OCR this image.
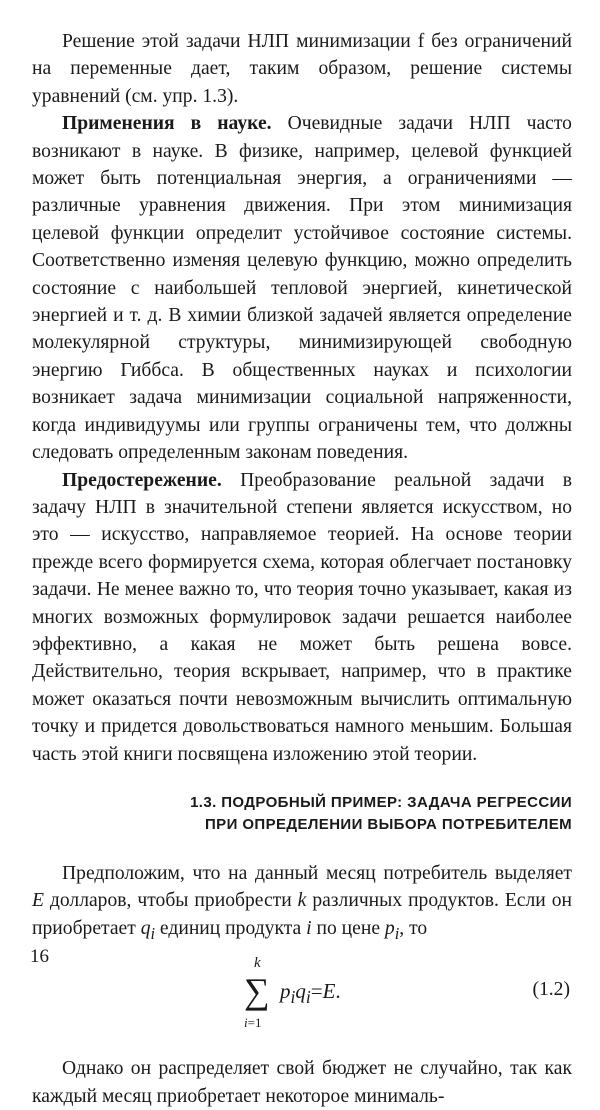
Решение этой задачи НЛП минимизации f без ограничений на переменные дает, таким образом, решение системы уравнений (см. упр. 1.3).

Применения в науке. Очевидные задачи НЛП часто возникают в науке. В физике, например, целевой функцией может быть потенциальная энергия, а ограничениями — различные уравнения движения. При этом минимизация целевой функции определит устойчивое состояние системы. Соответственно изменяя целевую функцию, можно определить состояние с наибольшей тепловой энергией, кинетической энергией и т. д. В химии близкой задачей является определение молекулярной структуры, минимизирующей свободную энергию Гиббса. В общественных науках и психологии возникает задача минимизации социальной напряженности, когда индивидуумы или группы ограничены тем, что должны следовать определенным законам поведения.

Предостережение. Преобразование реальной задачи в задачу НЛП в значительной степени является искусством, но это — искусство, направляемое теорией. На основе теории прежде всего формируется схема, которая облегчает постановку задачи. Не менее важно то, что теория точно указывает, какая из многих возможных формулировок задачи решается наиболее эффективно, а какая не может быть решена вовсе. Действительно, теория вскрывает, например, что в практике может оказаться почти невозможным вычислить оптимальную точку и придется довольствоваться намного меньшим. Большая часть этой книги посвящена изложению этой теории.

1.3. ПОДРОБНЫЙ ПРИМЕР: ЗАДАЧА РЕГРЕССИИ
ПРИ ОПРЕДЕЛЕНИИ ВЫБОРА ПОТРЕБИТЕЛЕМ

Предположим, что на данный месяц потребитель выделяет E долларов, чтобы приобрести k различных продуктов. Если он приобретает $q_i$ единиц продукта i по цене $p_i$, то

k
∑
i=1
$p_iq_i=E$.	(1.2)

Однако он распределяет свой бюджет не случайно, так как каждый месяц приобретает некоторое минималь-

16
